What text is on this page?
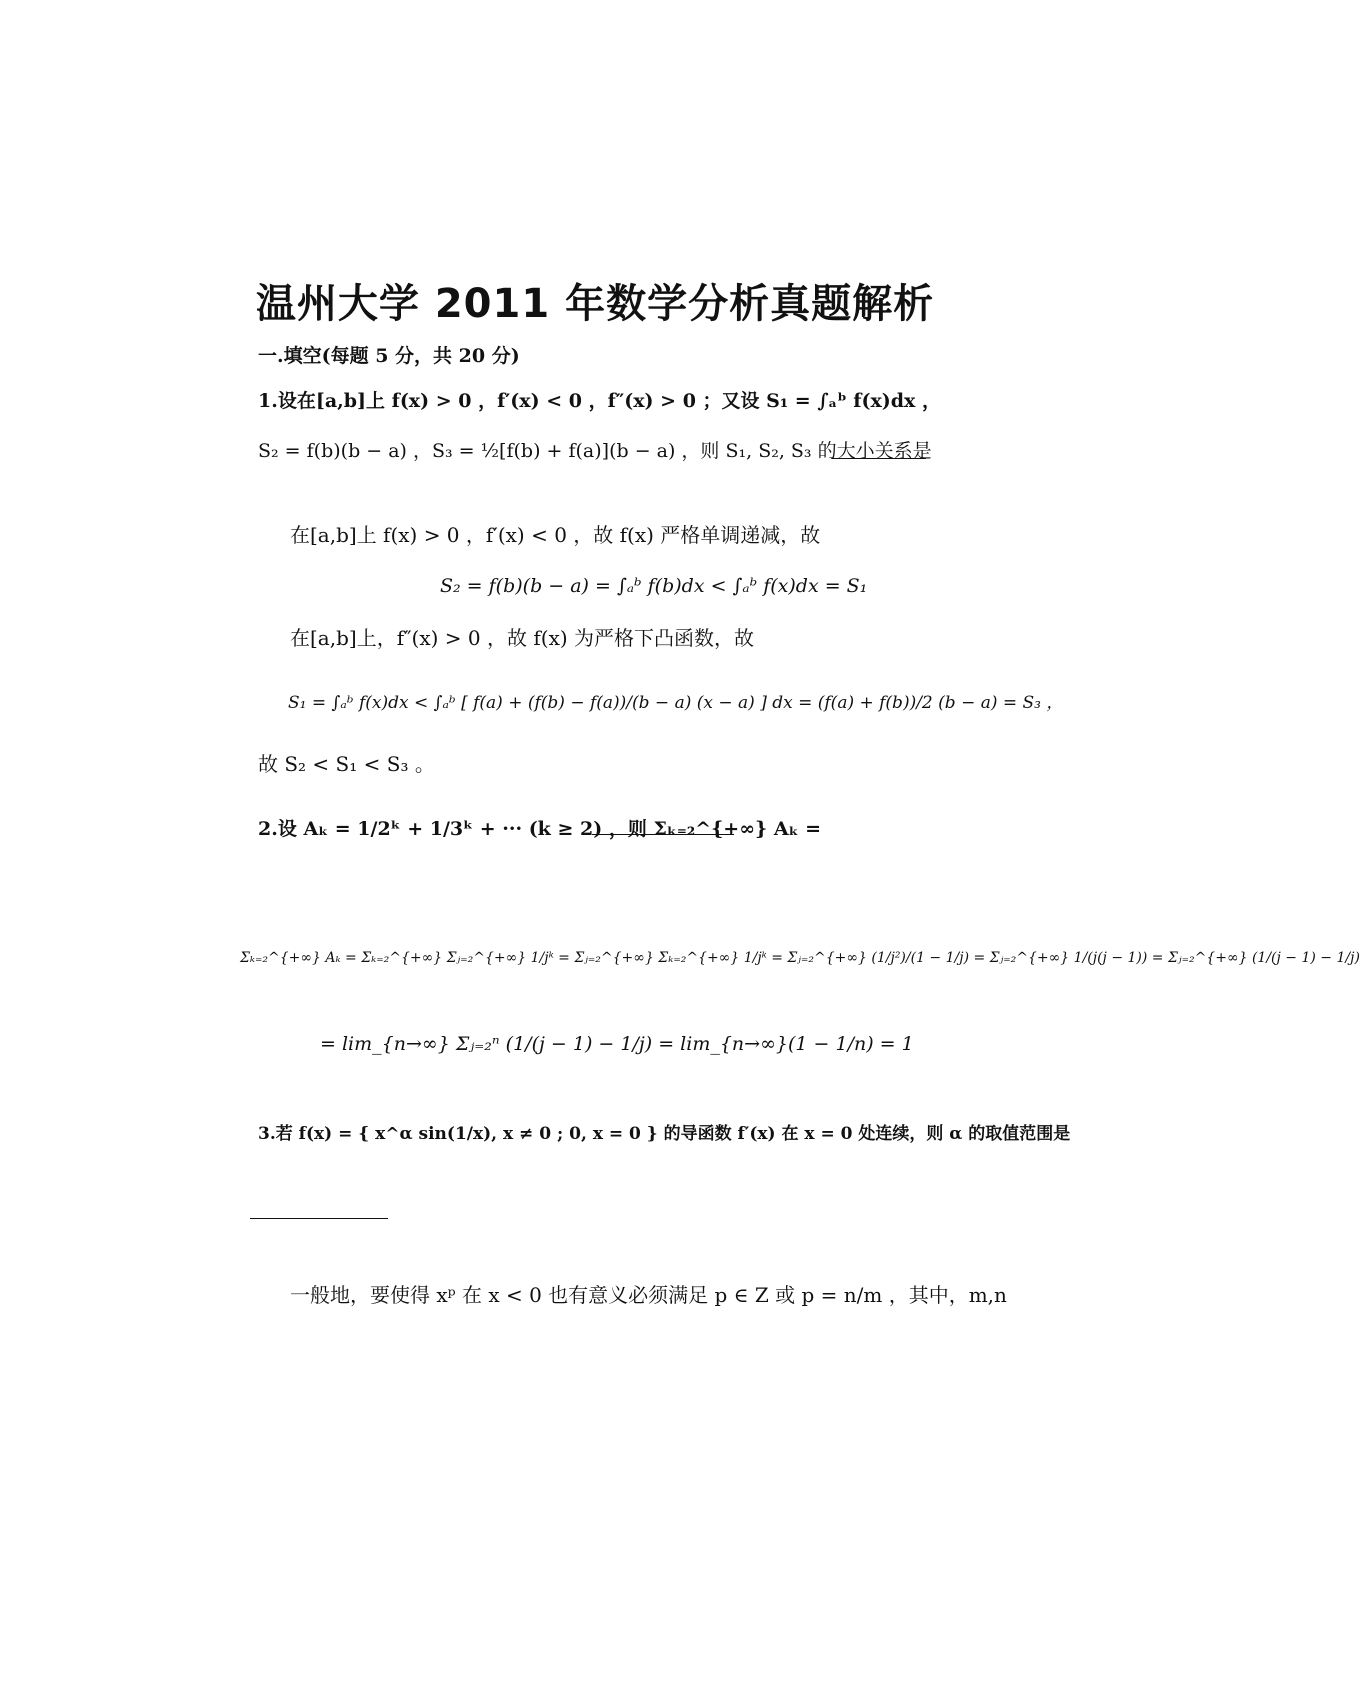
温州大学 2011 年数学分析真题解析
一.填空(每题 5 分，共 20 分)
1.设在[a,b]上 f(x) > 0 ，f′(x) < 0 ，f″(x) > 0 ；又设 S₁ = ∫ₐᵇ f(x)dx ，
S₂ = f(b)(b − a) ，S₃ = ½[f(b) + f(a)](b − a) ，则 S₁, S₂, S₃ 的大小关系是
在[a,b]上 f(x) > 0 ，f′(x) < 0 ，故 f(x) 严格单调递减，故
S₂ = f(b)(b − a) = ∫ₐᵇ f(b)dx < ∫ₐᵇ f(x)dx = S₁
在[a,b]上，f″(x) > 0 ，故 f(x) 为严格下凸函数，故
S₁ = ∫ₐᵇ f(x)dx < ∫ₐᵇ [ f(a) + (f(b) − f(a))/(b − a) (x − a) ] dx = (f(a) + f(b))/2 (b − a) = S₃ ，
故 S₂ < S₁ < S₃ 。
2.设 Aₖ = 1/2ᵏ + 1/3ᵏ + ··· (k ≥ 2) ，则 Σₖ₌₂^{+∞} Aₖ =
Σₖ₌₂^{+∞} Aₖ = Σₖ₌₂^{+∞} Σⱼ₌₂^{+∞} 1/jᵏ = Σⱼ₌₂^{+∞} Σₖ₌₂^{+∞} 1/jᵏ = Σⱼ₌₂^{+∞} (1/j²)/(1 − 1/j) = Σⱼ₌₂^{+∞} 1/(j(j − 1)) = Σⱼ₌₂^{+∞} (1/(j − 1) − 1/j)
= lim_{n→∞} Σⱼ₌₂ⁿ (1/(j − 1) − 1/j) = lim_{n→∞}(1 − 1/n) = 1
3.若 f(x) = { x^α sin(1/x), x ≠ 0 ; 0, x = 0 } 的导函数 f′(x) 在 x = 0 处连续，则 α 的取值范围是
一般地，要使得 xᵖ 在 x < 0 也有意义必须满足 p ∈ Z 或 p = n/m ，其中，m,n
